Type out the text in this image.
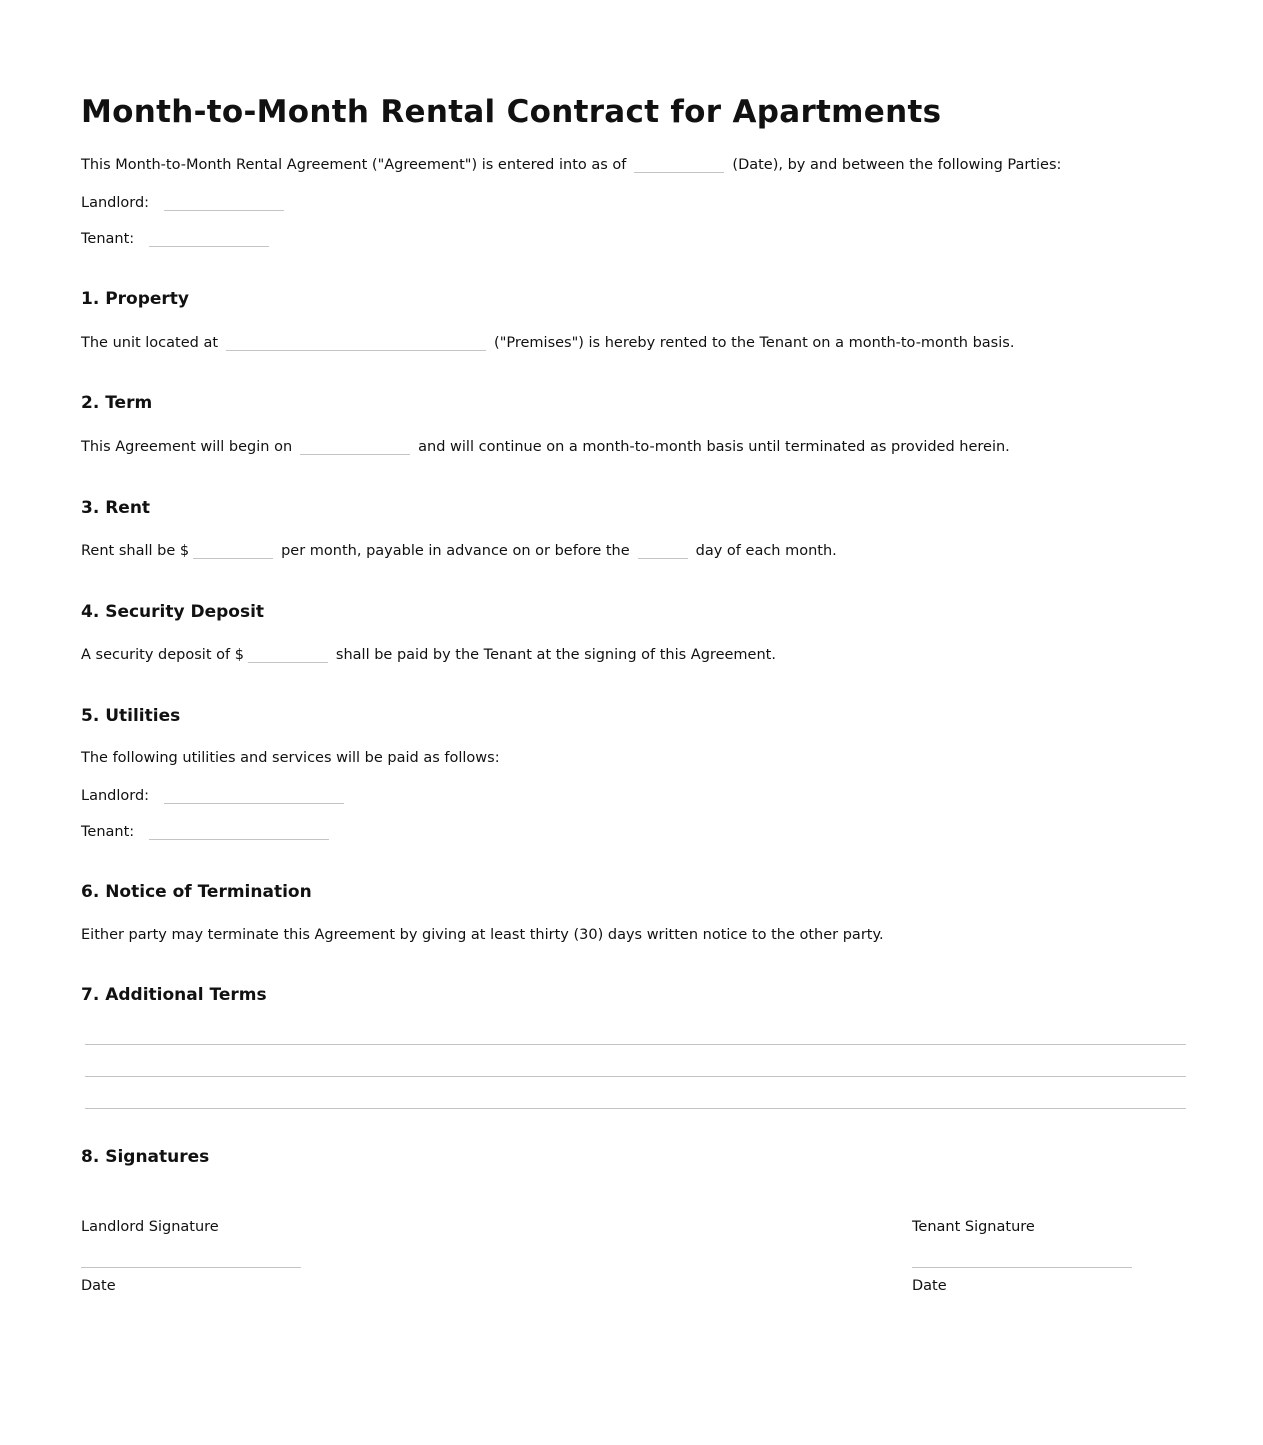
Month-to-Month Rental Contract for Apartments
This Month-to-Month Rental Agreement ("Agreement") is entered into as of	(Date), by and between the following Parties:
Landlord:
Tenant:
1. Property
The unit located at	("Premises") is hereby rented to the Tenant on a month-to-month basis.
2. Term
This Agreement will begin on	and will continue on a month-to-month basis until terminated as provided herein.
3. Rent
Rent shall be $	per month, payable in advance on or before the	day of each month.
4. Security Deposit
A security deposit of $	shall be paid by the Tenant at the signing of this Agreement.
5. Utilities
The following utilities and services will be paid as follows:
Landlord:
Tenant:
6. Notice of Termination
Either party may terminate this Agreement by giving at least thirty (30) days written notice to the other party.
7. Additional Terms
8. Signatures
Landlord Signature
Date
Tenant Signature
Date
